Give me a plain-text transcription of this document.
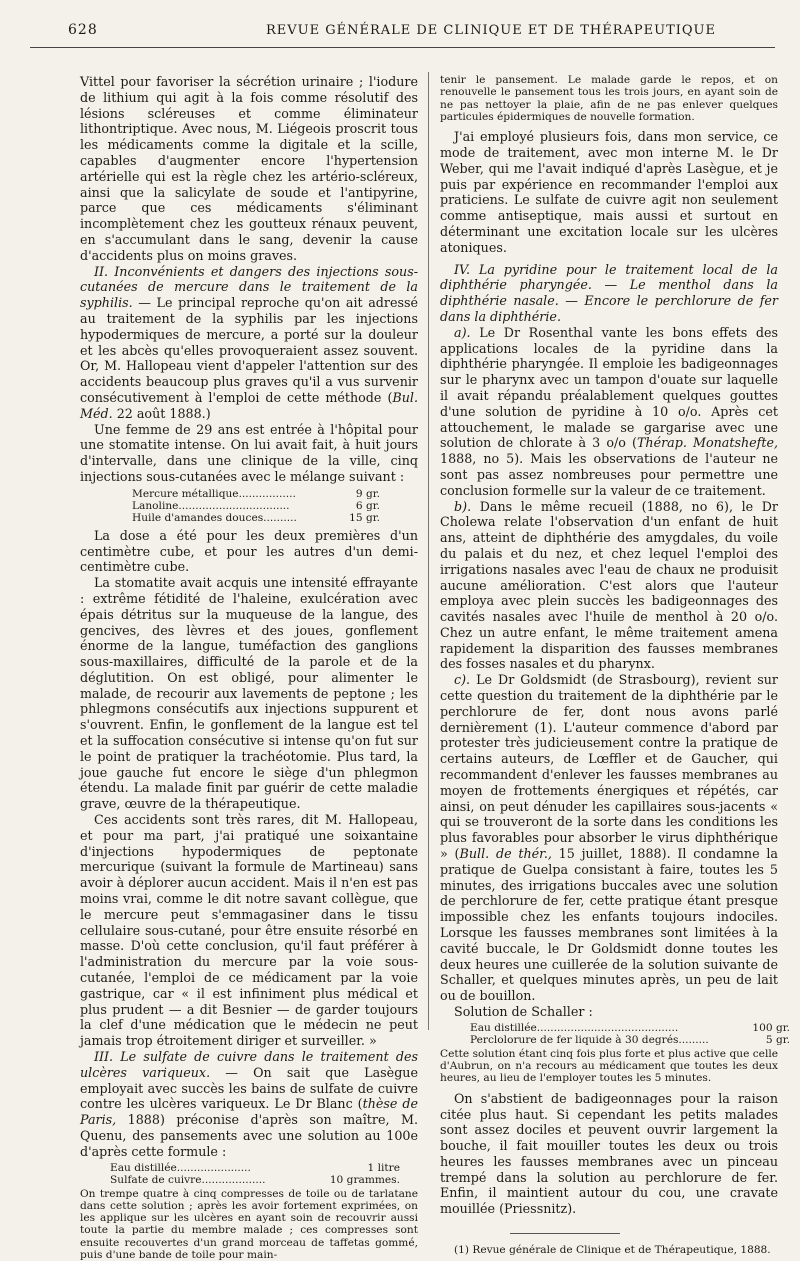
628	REVUE GÉNÉRALE DE CLINIQUE ET DE THÉRAPEUTIQUE

Vittel pour favoriser la sécrétion urinaire ; l'iodure de lithium qui agit à la fois comme résolutif des lésions scléreuses et comme éliminateur lithontriptique. Avec nous, M. Liégeois proscrit tous les médicaments comme la digitale et la scille, capables d'augmenter encore l'hypertension artérielle qui est la règle chez les artério-scléreux, ainsi que la salicylate de soude et l'antipyrine, parce que ces médicaments s'éliminant incomplètement chez les goutteux rénaux peuvent, en s'accumulant dans le sang, devenir la cause d'accidents plus on moins graves.

II. Inconvénients et dangers des injections sous-cutanées de mercure dans le traitement de la syphilis. — Le principal reproche qu'on ait adressé au traitement de la syphilis par les injections hypodermiques de mercure, a porté sur la douleur et les abcès qu'elles provoqueraient assez souvent. Or, M. Hallopeau vient d'appeler l'attention sur des accidents beaucoup plus graves qu'il a vus survenir consécutivement à l'emploi de cette méthode (Bul. Méd. 22 août 1888.)

Une femme de 29 ans est entrée à l'hôpital pour une stomatite intense. On lui avait fait, à huit jours d'intervalle, dans une clinique de la ville, cinq injections sous-cutanées avec le mélange suivant :

Mercure métallique.................	9 gr.
Lanoline.................................	6 gr.
Huile d'amandes douces..........	15 gr.

La dose a été pour les deux premières d'un centimètre cube, et pour les autres d'un demi-centimètre cube.

La stomatite avait acquis une intensité effrayante : extrême fétidité de l'haleine, exulcération avec épais détritus sur la muqueuse de la langue, des gencives, des lèvres et des joues, gonflement énorme de la langue, tuméfaction des ganglions sous-maxillaires, difficulté de la parole et de la déglutition. On est obligé, pour alimenter le malade, de recourir aux lavements de peptone ; les phlegmons consécutifs aux injections suppurent et s'ouvrent. Enfin, le gonflement de la langue est tel et la suffocation consécutive si intense qu'on fut sur le point de pratiquer la trachéotomie. Plus tard, la joue gauche fut encore le siège d'un phlegmon étendu. La malade finit par guérir de cette maladie grave, œuvre de la thérapeutique.

Ces accidents sont très rares, dit M. Hallopeau, et pour ma part, j'ai pratiqué une soixantaine d'injections hypodermiques de peptonate mercurique (suivant la formule de Martineau) sans avoir à déplorer aucun accident. Mais il n'en est pas moins vrai, comme le dit notre savant collègue, que le mercure peut s'emmagasiner dans le tissu cellulaire sous-cutané, pour être ensuite résorbé en masse. D'où cette conclusion, qu'il faut préférer à l'administration du mercure par la voie sous-cutanée, l'emploi de ce médicament par la voie gastrique, car « il est infiniment plus médical et plus prudent — a dit Besnier — de garder toujours la clef d'une médication que le médecin ne peut jamais trop étroitement diriger et surveiller. »

III. Le sulfate de cuivre dans le traitement des ulcères variqueux. — On sait que Lasègue employait avec succès les bains de sulfate de cuivre contre les ulcères variqueux. Le Dr Blanc (thèse de Paris, 1888) préconise d'après son maître, M. Quenu, des pansements avec une solution au 100e d'après cette formule :

Eau distillée......................	1 litre
Sulfate de cuivre...................	10 grammes.

On trempe quatre à cinq compresses de toile ou de tarlatane dans cette solution ; après les avoir fortement exprimées, on les applique sur les ulcères en ayant soin de recouvrir aussi toute la partie du membre malade ; ces compresses sont ensuite recouvertes d'un grand morceau de taffetas gommé, puis d'une bande de toile pour main-

tenir le pansement. Le malade garde le repos, et on renouvelle le pansement tous les trois jours, en ayant soin de ne pas nettoyer la plaie, afin de ne pas enlever quelques particules épidermiques de nouvelle formation.

J'ai employé plusieurs fois, dans mon service, ce mode de traitement, avec mon interne M. le Dr Weber, qui me l'avait indiqué d'après Lasègue, et je puis par expérience en recommander l'emploi aux praticiens. Le sulfate de cuivre agit non seulement comme antiseptique, mais aussi et surtout en déterminant une excitation locale sur les ulcères atoniques.

IV. La pyridine pour le traitement local de la diphthérie pharyngée. — Le menthol dans la diphthérie nasale. — Encore le perchlorure de fer dans la diphthérie.

a). Le Dr Rosenthal vante les bons effets des applications locales de la pyridine dans la diphthérie pharyngée. Il emploie les badigeonnages sur le pharynx avec un tampon d'ouate sur laquelle il avait répandu préalablement quelques gouttes d'une solution de pyridine à 10 o/o. Après cet attouchement, le malade se gargarise avec une solution de chlorate à 3 o/o (Thérap. Monatshefte, 1888, no 5). Mais les observations de l'auteur ne sont pas assez nombreuses pour permettre une conclusion formelle sur la valeur de ce traitement.

b). Dans le même recueil (1888, no 6), le Dr Cholewa relate l'observation d'un enfant de huit ans, atteint de diphthérie des amygdales, du voile du palais et du nez, et chez lequel l'emploi des irrigations nasales avec l'eau de chaux ne produisit aucune amélioration. C'est alors que l'auteur employa avec plein succès les badigeonnages des cavités nasales avec l'huile de menthol à 20 o/o. Chez un autre enfant, le même traitement amena rapidement la disparition des fausses membranes des fosses nasales et du pharynx.

c). Le Dr Goldsmidt (de Strasbourg), revient sur cette question du traitement de la diphthérie par le perchlorure de fer, dont nous avons parlé dernièrement (1). L'auteur commence d'abord par protester très judicieusement contre la pratique de certains auteurs, de Lœffler et de Gaucher, qui recommandent d'enlever les fausses membranes au moyen de frottements énergiques et répétés, car ainsi, on peut dénuder les capillaires sous-jacents « qui se trouveront de la sorte dans les conditions les plus favorables pour absorber le virus diphthérique » (Bull. de thér., 15 juillet, 1888). Il condamne la pratique de Guelpa consistant à faire, toutes les 5 minutes, des irrigations buccales avec une solution de perchlorure de fer, cette pratique étant presque impossible chez les enfants toujours indociles. Lorsque les fausses membranes sont limitées à la cavité buccale, le Dr Goldsmidt donne toutes les deux heures une cuillerée de la solution suivante de Schaller, et quelques minutes après, un peu de lait ou de bouillon.

Solution de Schaller :

Eau distillée..........................................	100 gr.
Perclolorure de fer liquide à 30 degrés.........	5 gr.

Cette solution étant cinq fois plus forte et plus active que celle d'Aubrun, on n'a recours au médicament que toutes les deux heures, au lieu de l'employer toutes les 5 minutes.

On s'abstient de badigeonnages pour la raison citée plus haut. Si cependant les petits malades sont assez dociles et peuvent ouvrir largement la bouche, il fait mouiller toutes les deux ou trois heures les fausses membranes avec un pinceau trempé dans la solution au perchlorure de fer. Enfin, il maintient autour du cou, une cravate mouillée (Priessnitz).

(1) Revue générale de Clinique et de Thérapeutique, 1888.
